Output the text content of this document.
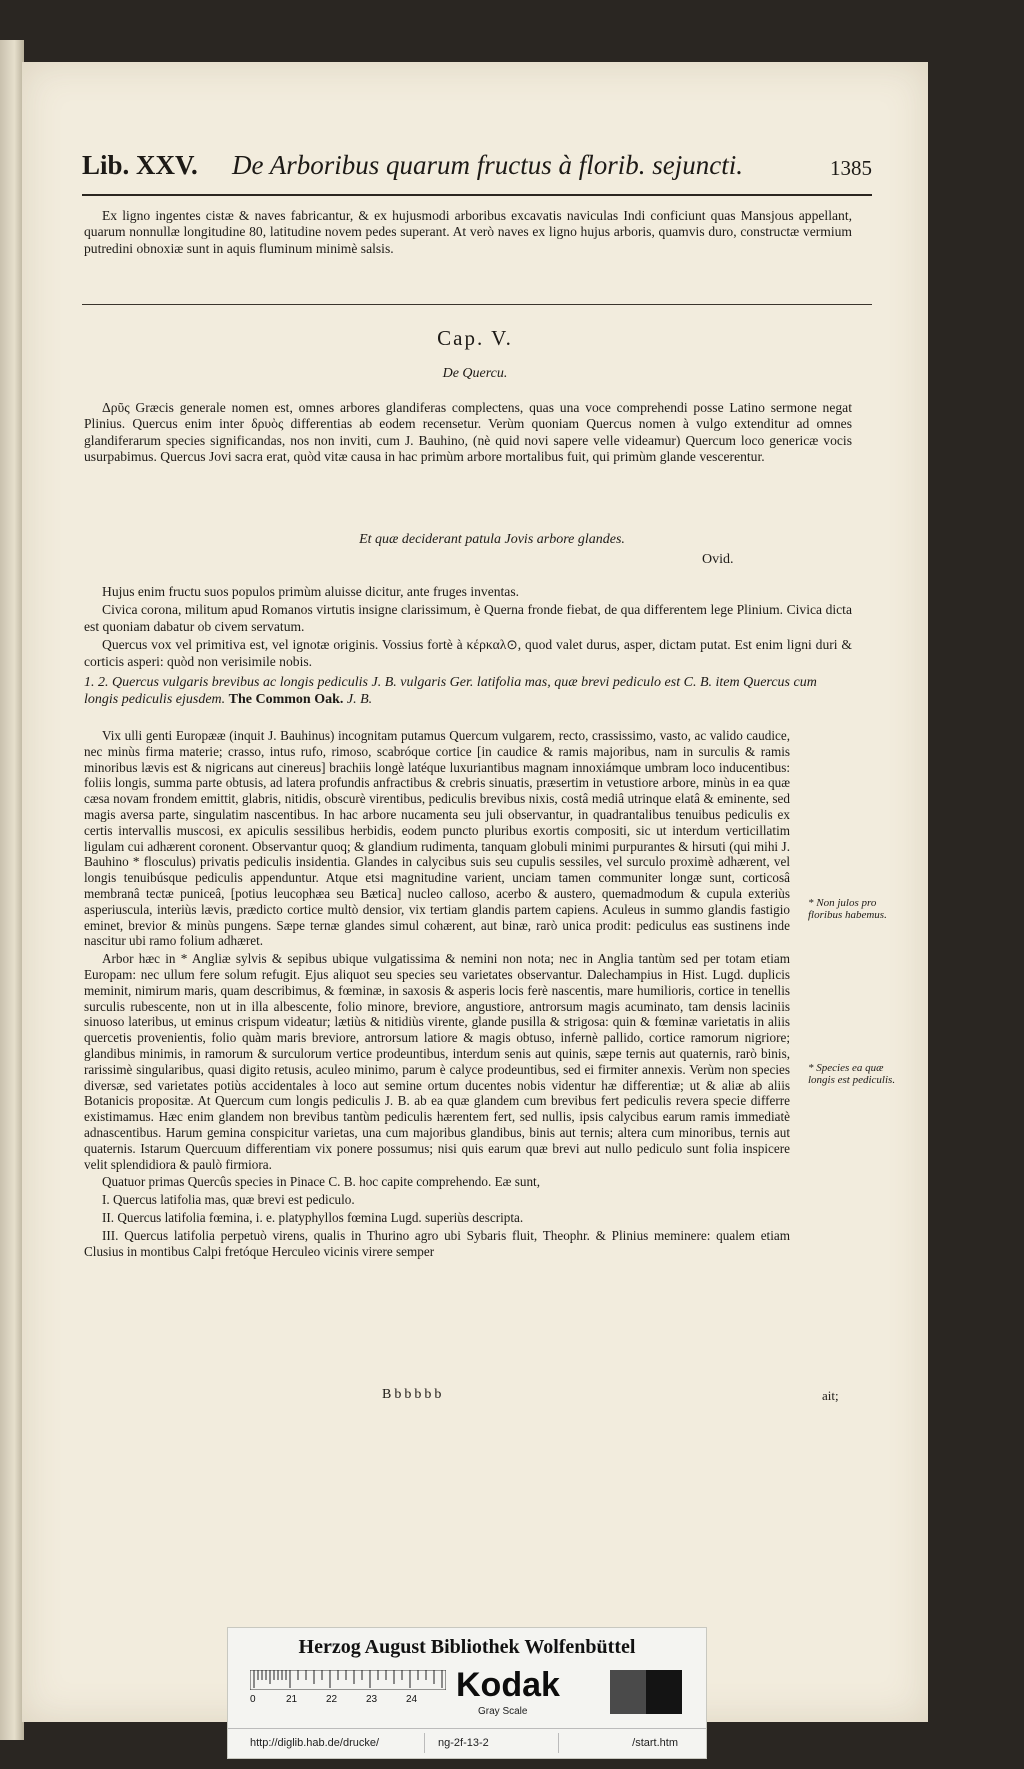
Lib. XXV. De Arboribus quarum fructus à florib. sejuncti.	1385

Ex ligno ingentes cistæ & naves fabricantur, & ex hujusmodi arboribus excavatis naviculas Indi conficiunt quas Mansjous appellant, quarum nonnullæ longitudine 80, latitudine novem pedes superant. At verò naves ex ligno hujus arboris, quamvis duro, constructæ vermium putredini obnoxiæ sunt in aquis fluminum minimè salsis.

Cap. V.
De Quercu.

Δρῦς Græcis generale nomen est, omnes arbores glandiferas complectens, quas una voce comprehendi posse Latino sermone negat Plinius. Quercus enim inter δρυὸς differentias ab eodem recensetur. Verùm quoniam Quercus nomen à vulgo extenditur ad omnes glandiferarum species significandas, nos non inviti, cum J. Bauhino, (nè quid novi sapere velle videamur) Quercum loco genericæ vocis usurpabimus. Quercus Jovi sacra erat, quòd vitæ causa in hac primùm arbore mortalibus fuit, qui primùm glande vescerentur.

Et quæ deciderant patula Jovis arbore glandes.
Ovid.

Hujus enim fructu suos populos primùm aluisse dicitur, ante fruges inventas.

Civica corona, militum apud Romanos virtutis insigne clarissimum, è Querna fronde fiebat, de qua differentem lege Plinium. Civica dicta est quoniam dabatur ob civem servatum.

Quercus vox vel primitiva est, vel ignotæ originis. Vossius fortè à κέρκαλ⊙, quod valet durus, asper, dictam putat. Est enim ligni duri & corticis asperi: quòd non verisimile nobis.

1. 2. Quercus vulgaris brevibus ac longis pediculis J. B. vulgaris Ger. latifolia mas, quæ brevi pediculo est C. B. item Quercus cum longis pediculis ejusdem. The Common Oak. J. B.

Vix ulli genti Europææ (inquit J. Bauhinus) incognitam putamus Quercum vulgarem, recto, crassissimo, vasto, ac valido caudice, nec minùs firma materie; crasso, intus rufo, rimoso, scabróque cortice [in caudice & ramis majoribus, nam in surculis & ramis minoribus lævis est & nigricans aut cinereus] brachiis longè latéque luxuriantibus magnam innoxiámque umbram loco inducentibus: foliis longis, summa parte obtusis, ad latera profundis anfractibus & crebris sinuatis, præsertim in vetustiore arbore, minùs in ea quæ cæsa novam frondem emittit, glabris, nitidis, obscurè virentibus, pediculis brevibus nixis, costâ mediâ utrinque elatâ & eminente, sed magis aversa parte, singulatim nascentibus. In hac arbore nucamenta seu juli observantur, in quadrantalibus tenuibus pediculis ex certis intervallis muscosi, ex apiculis sessilibus herbidis, eodem puncto pluribus exortis compositi, sic ut interdum verticillatim ligulam cui adhærent coronent. Observantur quoq; & glandium rudimenta, tanquam globuli minimi purpurantes & hirsuti (qui mihi J. Bauhino * flosculus) privatis pediculis insidentia. Glandes in calycibus suis seu cupulis sessiles, vel surculo proximè adhærent, vel longis tenuibúsque pediculis appenduntur. Atque etsi magnitudine varient, unciam tamen communiter longæ sunt, corticosâ membranâ tectæ puniceâ, [potius leucophæa seu Bætica] nucleo calloso, acerbo & austero, quemadmodum & cupula exteriùs asperiuscula, interiùs lævis, prædicto cortice multò densior, vix tertiam glandis partem capiens. Aculeus in summo glandis fastigio eminet, brevior & minùs pungens. Sæpe ternæ glandes simul cohærent, aut binæ, rarò unica prodit: pediculus eas sustinens inde nascitur ubi ramo folium adhæret.

Arbor hæc in * Angliæ sylvis & sepibus ubique vulgatissima & nemini non nota; nec in Anglia tantùm sed per totam etiam Europam: nec ullum fere solum refugit. Ejus aliquot seu species seu varietates observantur. Dalechampius in Hist. Lugd. duplicis meminit, nimirum maris, quam describimus, & fœminæ, in saxosis & asperis locis ferè nascentis, mare humilioris, cortice in tenellis surculis rubescente, non ut in illa albescente, folio minore, breviore, angustiore, antrorsum magis acuminato, tam densis laciniis sinuoso lateribus, ut eminus crispum videatur; lætiùs & nitidiùs virente, glande pusilla & strigosa: quin & fœminæ varietatis in aliis quercetis provenientis, folio quàm maris breviore, antrorsum latiore & magis obtuso, infernè pallido, cortice ramorum nigriore; glandibus minimis, in ramorum & surculorum vertice prodeuntibus, interdum senis aut quinis, sæpe ternis aut quaternis, rarò binis, rarissimè singularibus, quasi digito retusis, aculeo minimo, parum è calyce prodeuntibus, sed ei firmiter annexis. Verùm non species diversæ, sed varietates potiùs accidentales à loco aut semine ortum ducentes nobis videntur hæ differentiæ; ut & aliæ ab aliis Botanicis propositæ. At Quercum cum longis pediculis J. B. ab ea quæ glandem cum brevibus fert pediculis revera specie differre existimamus. Hæc enim glandem non brevibus tantùm pediculis hærentem fert, sed nullis, ipsis calycibus earum ramis immediatè adnascentibus. Harum gemina conspicitur varietas, una cum majoribus glandibus, binis aut ternis; altera cum minoribus, ternis aut quaternis. Istarum Quercuum differentiam vix ponere possumus; nisi quis earum quæ brevi aut nullo pediculo sunt folia inspicere velit splendidiora & paulò firmiora.

Quatuor primas Quercûs species in Pinace C. B. hoc capite comprehendo. Eæ sunt,

I. Quercus latifolia mas, quæ brevi est pediculo.

II. Quercus latifolia fœmina, i. e. platyphyllos fœmina Lugd. superiùs descripta.

III. Quercus latifolia perpetuò virens, qualis in Thurino agro ubi Sybaris fluit, Theophr. & Plinius meminere: qualem etiam Clusius in montibus Calpi fretóque Herculeo vicinis virere semper

* Non julos pro floribus habemus.
* Species ea quæ longis est pediculis.
Bbbbbb	ait;
Herzog August Bibliothek Wolfenbüttel
0	21	22	23	24 Kodak
Gray Scale
http://diglib.hab.de/drucke/	ng-2f-13-2	/start.htm
